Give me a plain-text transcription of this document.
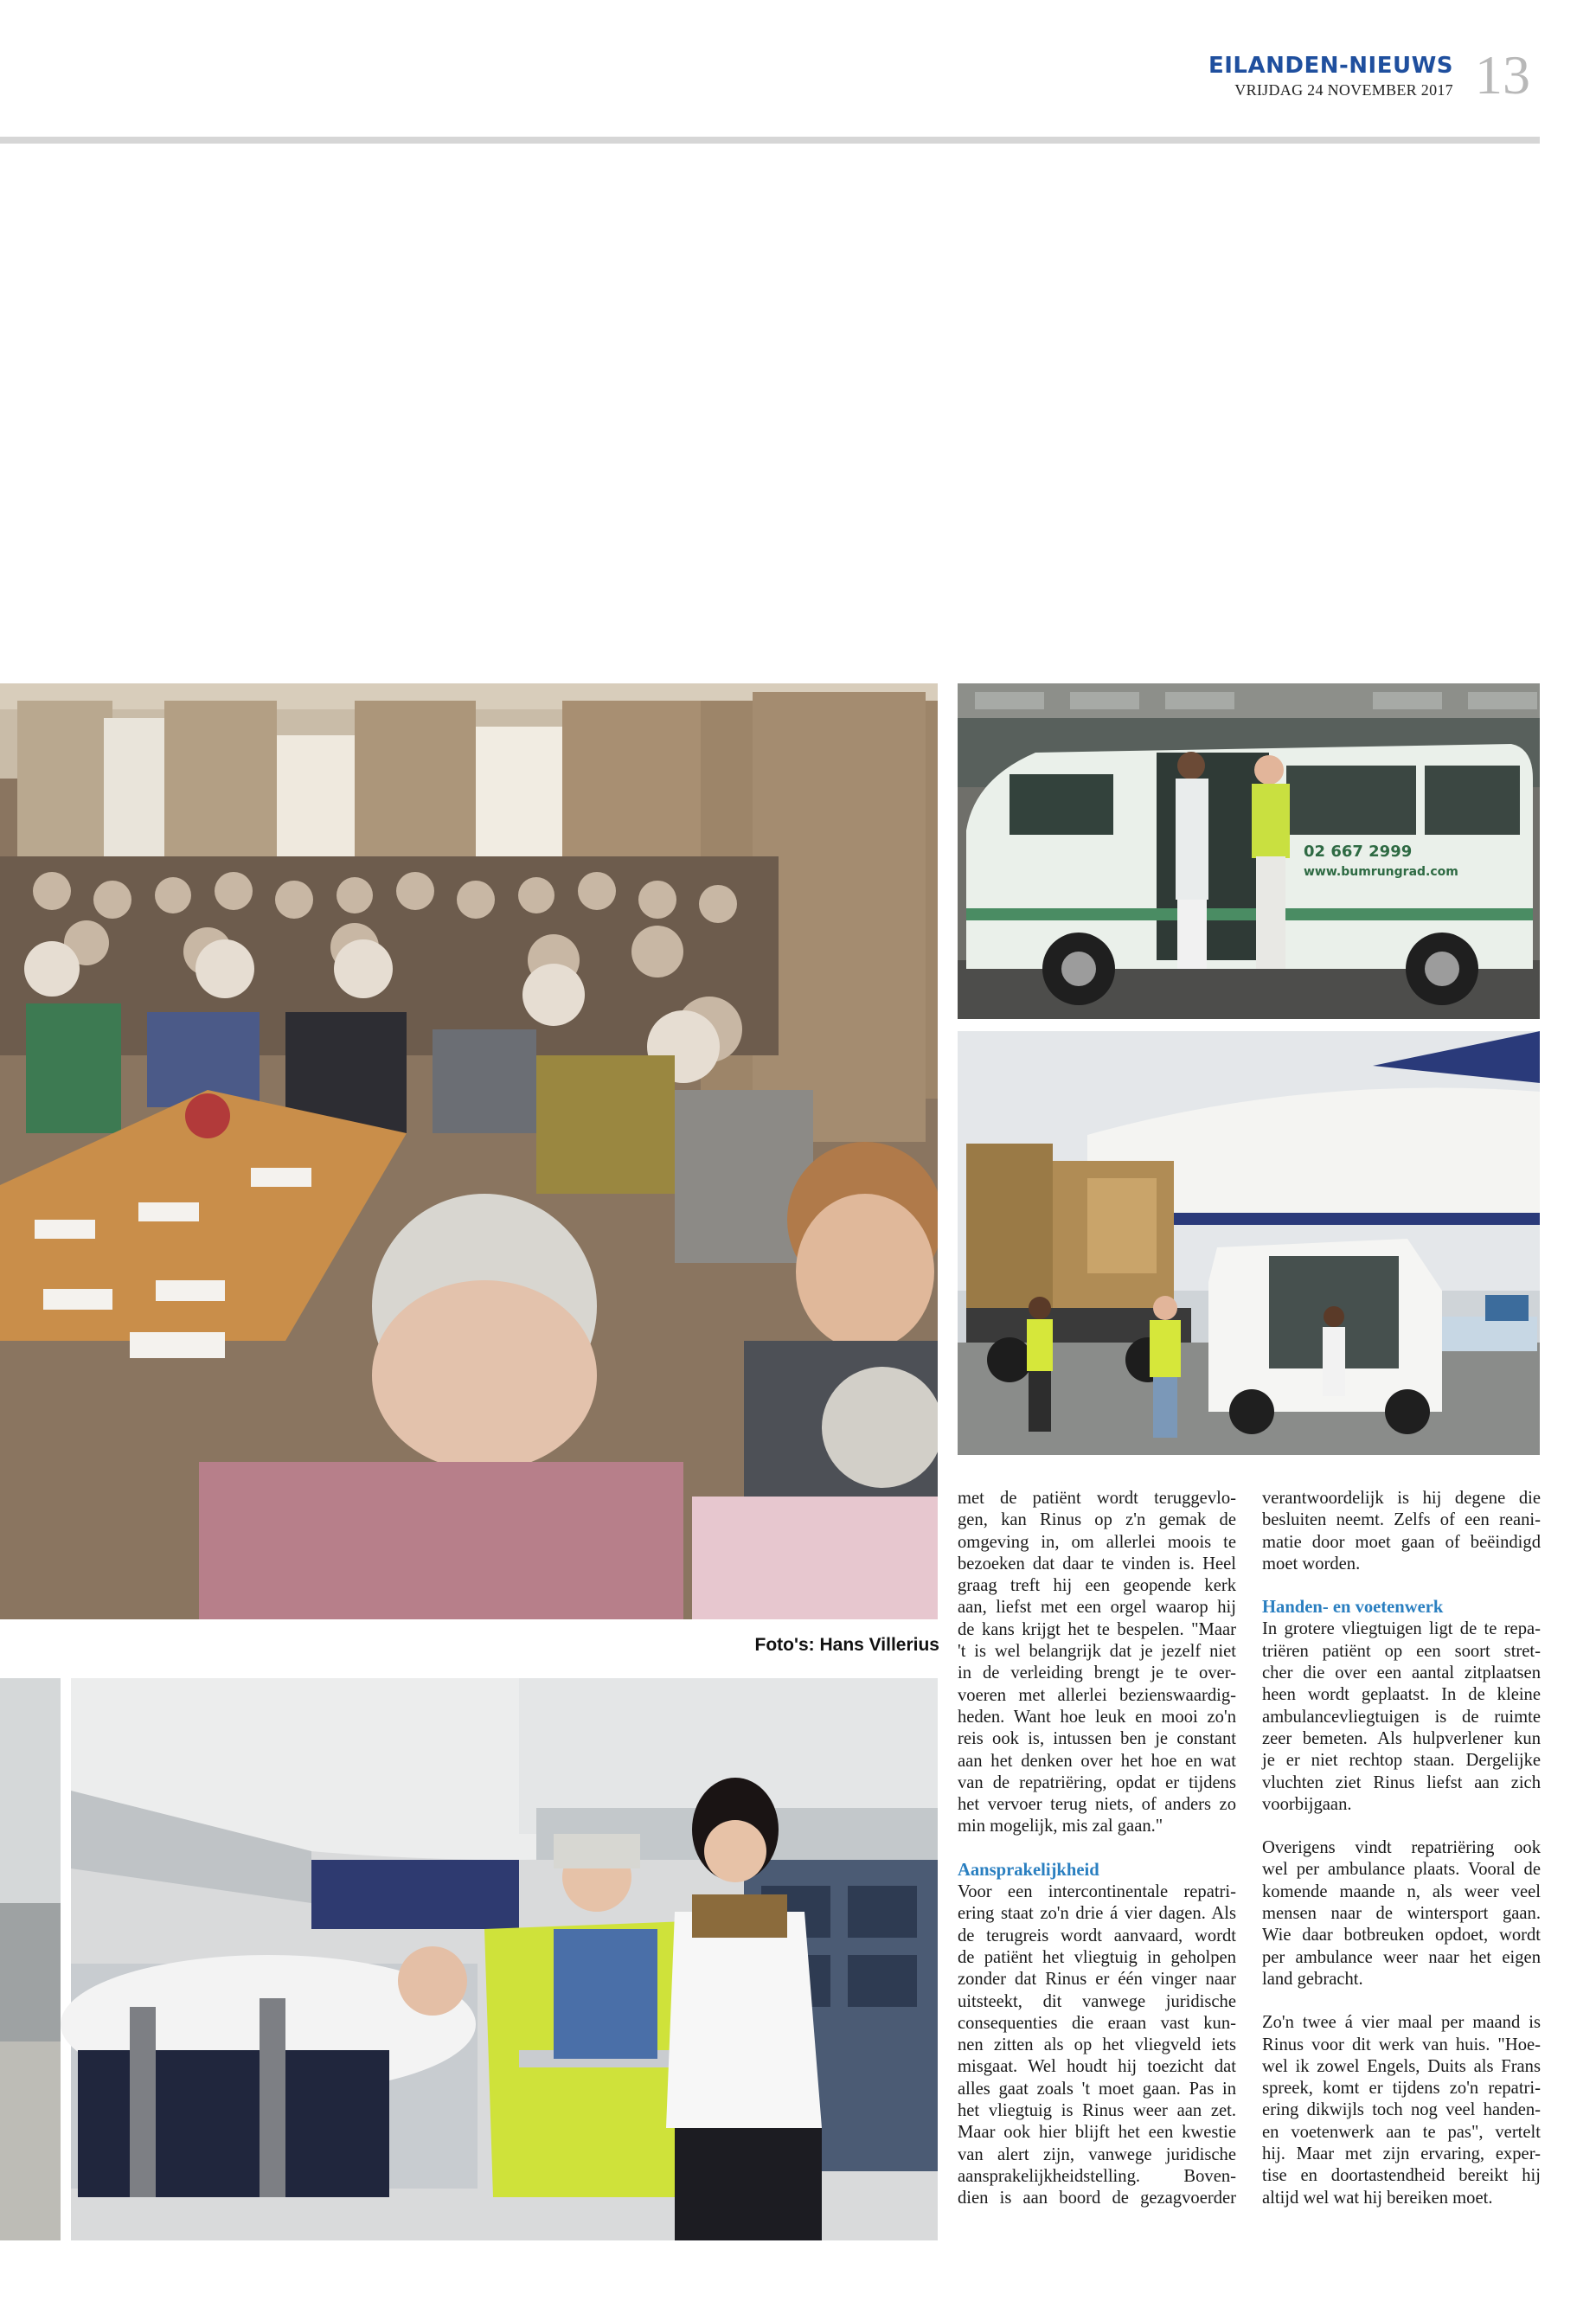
EILANDEN-NIEUWS
VRIJDAG 24 NOVEMBER 2017 13
02 667 2999
www.bumrungrad.com
Foto's: Hans Villerius

met de patiënt wordt teruggevlo-
gen, kan Rinus op z'n gemak de
omgeving in, om allerlei moois te
bezoeken dat daar te vinden is. Heel
graag treft hij een geopende kerk
aan, liefst met een orgel waarop hij
de kans krijgt het te bespelen. "Maar
't is wel belangrijk dat je jezelf niet
in de verleiding brengt je te over-
voeren met allerlei bezienswaardig-
heden. Want hoe leuk en mooi zo'n
reis ook is, intussen ben je constant
aan het denken over het hoe en wat
van de repatriëring, opdat er tijdens
het vervoer terug niets, of anders zo
min mogelijk, mis zal gaan."

Aansprakelijkheid

Voor een intercontinentale repatri-
ering staat zo'n drie á vier dagen. Als
de terugreis wordt aanvaard, wordt
de patiënt het vliegtuig in geholpen
zonder dat Rinus er één vinger naar
uitsteekt, dit vanwege juridische
consequenties die eraan vast kun-
nen zitten als op het vliegveld iets
misgaat. Wel houdt hij toezicht dat
alles gaat zoals 't moet gaan. Pas in
het vliegtuig is Rinus weer aan zet.
Maar ook hier blijft het een kwestie
van alert zijn, vanwege juridische
aansprakelijkheidstelling. Boven-
dien is aan boord de gezagvoerder

verantwoordelijk is hij degene die
besluiten neemt. Zelfs of een reani-
matie door moet gaan of beëindigd
moet worden.

Handen- en voetenwerk

In grotere vliegtuigen ligt de te repa-
triëren patiënt op een soort stret-
cher die over een aantal zitplaatsen
heen wordt geplaatst. In de kleine
ambulancevliegtuigen is de ruimte
zeer bemeten. Als hulpverlener kun
je er niet rechtop staan. Dergelijke
vluchten ziet Rinus liefst aan zich
voorbijgaan.

Overigens vindt repatriëring ook
wel per ambulance plaats. Vooral de
komende maande n, als weer veel
mensen naar de wintersport gaan.
Wie daar botbreuken opdoet, wordt
per ambulance weer naar het eigen
land gebracht.

Zo'n twee á vier maal per maand is
Rinus voor dit werk van huis. "Hoe-
wel ik zowel Engels, Duits als Frans
spreek, komt er tijdens zo'n repatri-
ering dikwijls toch nog veel handen-
en voetenwerk aan te pas", vertelt
hij. Maar met zijn ervaring, exper-
tise en doortastendheid bereikt hij
altijd wel wat hij bereiken moet.
